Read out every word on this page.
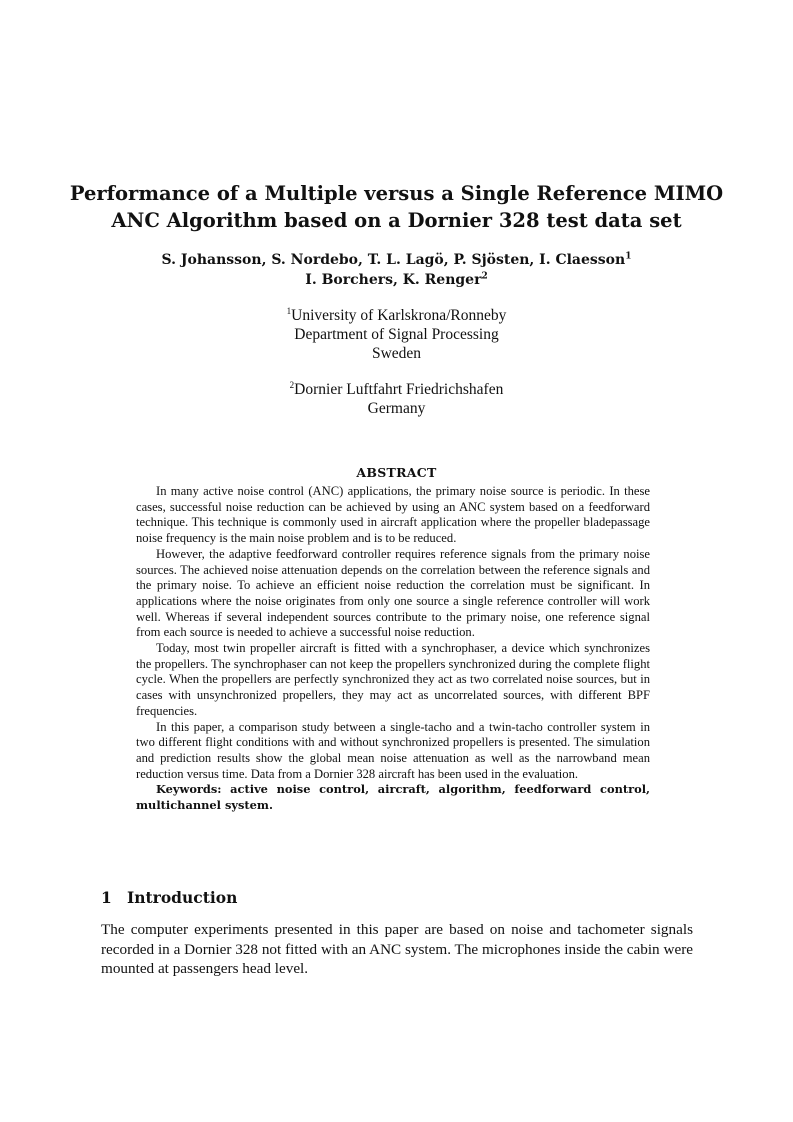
Performance of a Multiple versus a Single Reference MIMO
ANC Algorithm based on a Dornier 328 test data set
S. Johansson, S. Nordebo, T. L. Lagö, P. Sjösten, I. Claesson$^1$
I. Borchers, K. Renger$^2$
$^1$University of Karlskrona/Ronneby
Department of Signal Processing
Sweden
$^2$Dornier Luftfahrt Friedrichshafen
Germany
ABSTRACT

In many active noise control (ANC) applications, the primary noise source is periodic. In these cases, successful noise reduction can be achieved by using an ANC system based on a feedforward technique. This technique is commonly used in aircraft application where the propeller bladepassage noise frequency is the main noise problem and is to be reduced.

However, the adaptive feedforward controller requires reference signals from the primary noise sources. The achieved noise attenuation depends on the correlation between the reference signals and the primary noise. To achieve an efficient noise reduction the correlation must be significant. In applications where the noise originates from only one source a single reference controller will work well. Whereas if several independent sources contribute to the primary noise, one reference signal from each source is needed to achieve a successful noise reduction.

Today, most twin propeller aircraft is fitted with a synchrophaser, a device which synchronizes the propellers. The synchrophaser can not keep the propellers synchronized during the complete flight cycle. When the propellers are perfectly synchronized they act as two correlated noise sources, but in cases with unsynchronized propellers, they may act as uncorrelated sources, with different BPF frequencies.

In this paper, a comparison study between a single-tacho and a twin-tacho controller system in two different flight conditions with and without synchronized propellers is presented. The simulation and prediction results show the global mean noise attenuation as well as the narrowband mean reduction versus time. Data from a Dornier 328 aircraft has been used in the evaluation.

Keywords: active noise control, aircraft, algorithm, feedforward control, multichannel system.

1 Introduction

The computer experiments presented in this paper are based on noise and tachometer signals recorded in a Dornier 328 not fitted with an ANC system. The microphones inside the cabin were mounted at passengers head level.
